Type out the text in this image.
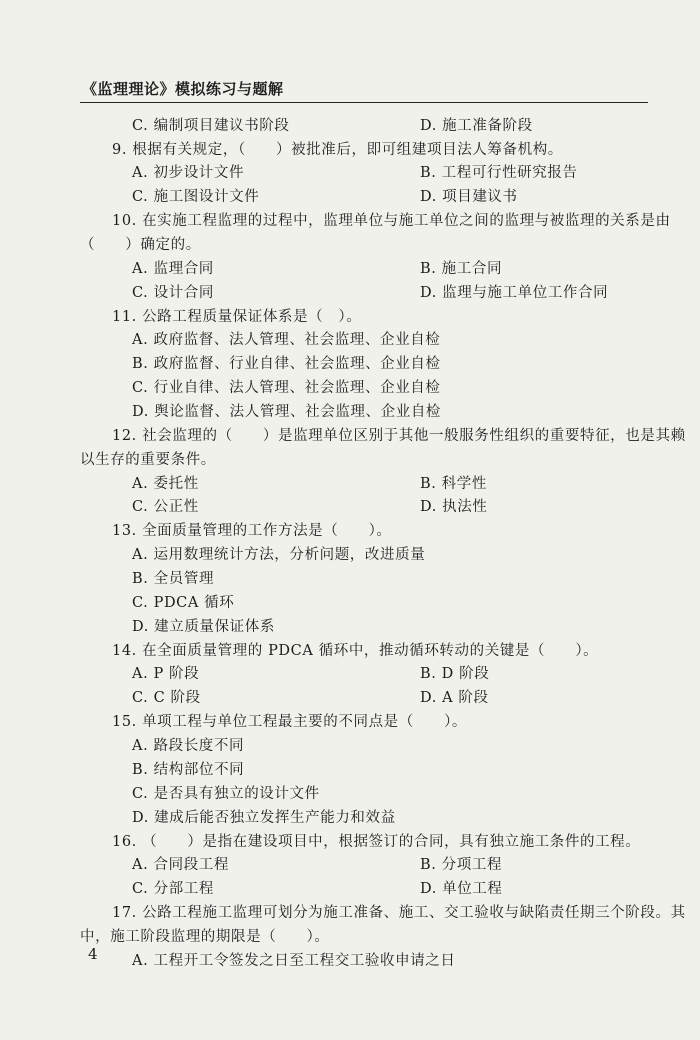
《监理理论》模拟练习与题解
C. 编制项目建议书阶段	D. 施工准备阶段
9. 根据有关规定，（　　）被批准后，即可组建项目法人筹备机构。
A. 初步设计文件	B. 工程可行性研究报告
C. 施工图设计文件	D. 项目建议书
10. 在实施工程监理的过程中，监理单位与施工单位之间的监理与被监理的关系是由
（　　）确定的。
A. 监理合同	B. 施工合同
C. 设计合同	D. 监理与施工单位工作合同
11. 公路工程质量保证体系是（　）。
A. 政府监督、法人管理、社会监理、企业自检
B. 政府监督、行业自律、社会监理、企业自检
C. 行业自律、法人管理、社会监理、企业自检
D. 舆论监督、法人管理、社会监理、企业自检
12. 社会监理的（　　）是监理单位区别于其他一般服务性组织的重要特征，也是其赖
以生存的重要条件。
A. 委托性	B. 科学性
C. 公正性	D. 执法性
13. 全面质量管理的工作方法是（　　）。
A. 运用数理统计方法，分析问题，改进质量
B. 全员管理
C. PDCA 循环
D. 建立质量保证体系
14. 在全面质量管理的 PDCA 循环中，推动循环转动的关键是（　　）。
A. P 阶段	B. D 阶段
C. C 阶段	D. A 阶段
15. 单项工程与单位工程最主要的不同点是（　　）。
A. 路段长度不同
B. 结构部位不同
C. 是否具有独立的设计文件
D. 建成后能否独立发挥生产能力和效益
16. （　　）是指在建设项目中，根据签订的合同，具有独立施工条件的工程。
A. 合同段工程	B. 分项工程
C. 分部工程	D. 单位工程
17. 公路工程施工监理可划分为施工准备、施工、交工验收与缺陷责任期三个阶段。其
中，施工阶段监理的期限是（　　）。
A. 工程开工令签发之日至工程交工验收申请之日
4
